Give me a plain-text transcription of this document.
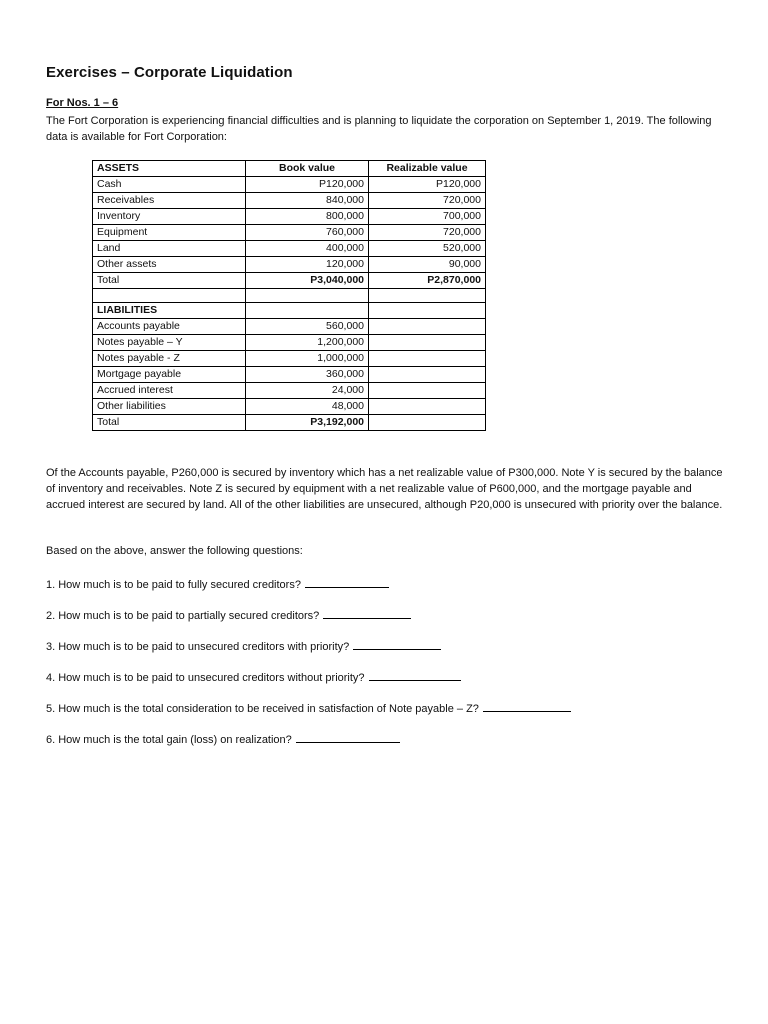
Exercises – Corporate Liquidation
For Nos. 1 – 6

The Fort Corporation is experiencing financial difficulties and is planning to liquidate the corporation on September 1, 2019. The following data is available for Fort Corporation:

ASSETS	Book value	Realizable value
Cash	P120,000	P120,000
Receivables	840,000	720,000
Inventory	800,000	700,000
Equipment	760,000	720,000
Land	400,000	520,000
Other assets	120,000	90,000
Total	P3,040,000	P2,870,000

LIABILITIES		
Accounts payable	560,000	
Notes payable – Y	1,200,000	
Notes payable - Z	1,000,000	
Mortgage payable	360,000	
Accrued interest	24,000	
Other liabilities	48,000	
Total	P3,192,000	

Of the Accounts payable, P260,000 is secured by inventory which has a net realizable value of P300,000. Note Y is secured by the balance of inventory and receivables. Note Z is secured by equipment with a net realizable value of P600,000, and the mortgage payable and accrued interest are secured by land. All of the other liabilities are unsecured, although P20,000 is unsecured with priority over the balance.

Based on the above, answer the following questions:

1. How much is to be paid to fully secured creditors?

2. How much is to be paid to partially secured creditors?

3. How much is to be paid to unsecured creditors with priority?

4. How much is to be paid to unsecured creditors without priority?

5. How much is the total consideration to be received in satisfaction of Note payable – Z?

6. How much is the total gain (loss) on realization?
